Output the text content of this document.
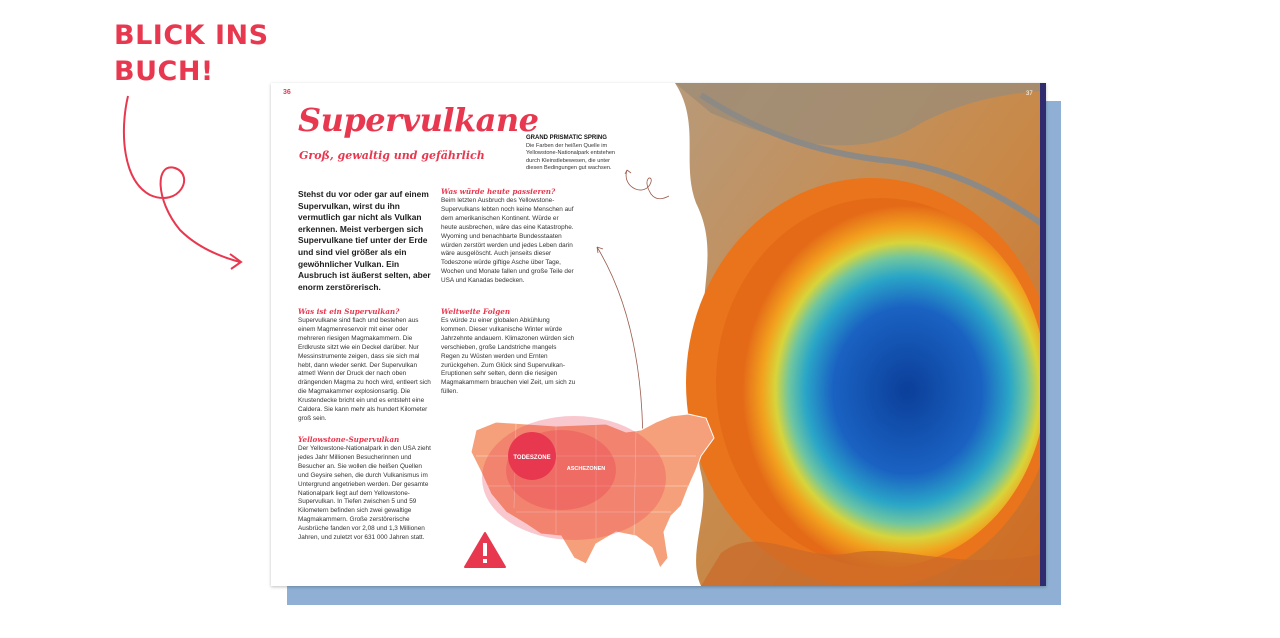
BLICK INS
BUCH!
36
Supervulkane
Groß, gewaltig und gefährlich
Stehst du vor oder gar auf einem Supervulkan, wirst du ihn vermutlich gar nicht als Vulkan erkennen. Meist verbergen sich Supervulkane tief unter der Erde und sind viel größer als ein gewöhnlicher Vulkan. Ein Ausbruch ist äußerst selten, aber enorm zerstörerisch.
Was ist ein Supervulkan?

Supervulkane sind flach und bestehen aus einem Magmenreservoir mit einer oder mehreren riesigen Magmakammern. Die Erdkruste sitzt wie ein Deckel darüber. Nur Messinstrumente zeigen, dass sie sich mal hebt, dann wieder senkt. Der Supervulkan atmet! Wenn der Druck der nach oben drängenden Magma zu hoch wird, entleert sich die Magmakammer explosionsartig. Die Krustendecke bricht ein und es entsteht eine Caldera. Sie kann mehr als hundert Kilometer groß sein.

Yellowstone-Supervulkan

Der Yellowstone-Nationalpark in den USA zieht jedes Jahr Millionen Besucherinnen und Besucher an. Sie wollen die heißen Quellen und Geysire sehen, die durch Vulkanismus im Untergrund angetrieben werden. Der gesamte Nationalpark liegt auf dem Yellowstone-Supervulkan. In Tiefen zwischen 5 und 59 Kilometern befinden sich zwei gewaltige Magmakammern. Große zerstörerische Ausbrüche fanden vor 2,08 und 1,3 Millionen Jahren, und zuletzt vor 631 000 Jahren statt.

Was würde heute passieren?

Beim letzten Ausbruch des Yellowstone-Supervulkans lebten noch keine Menschen auf dem amerikanischen Kontinent. Würde er heute ausbrechen, wäre das eine Katastrophe. Wyoming und benachbarte Bundesstaaten würden zerstört werden und jedes Leben darin wäre ausgelöscht. Auch jenseits dieser Todeszone würde giftige Asche über Tage, Wochen und Monate fallen und große Teile der USA und Kanadas bedecken.

Weltweite Folgen

Es würde zu einer globalen Abkühlung kommen. Dieser vulkanische Winter würde Jahrzehnte andauern. Klimazonen würden sich verschieben, große Landstriche mangels Regen zu Wüsten werden und Ernten zurückgehen. Zum Glück sind Supervulkan-Eruptionen sehr selten, denn die riesigen Magmakammern brauchen viel Zeit, um sich zu füllen.

GRAND PRISMATIC SPRING
Die Farben der heißen Quelle im Yellowstone-Nationalpark entstehen durch Kleinstlebewesen, die unter diesen Bedingungen gut wachsen.
37
TODESZONE
ASCHEZONEN
